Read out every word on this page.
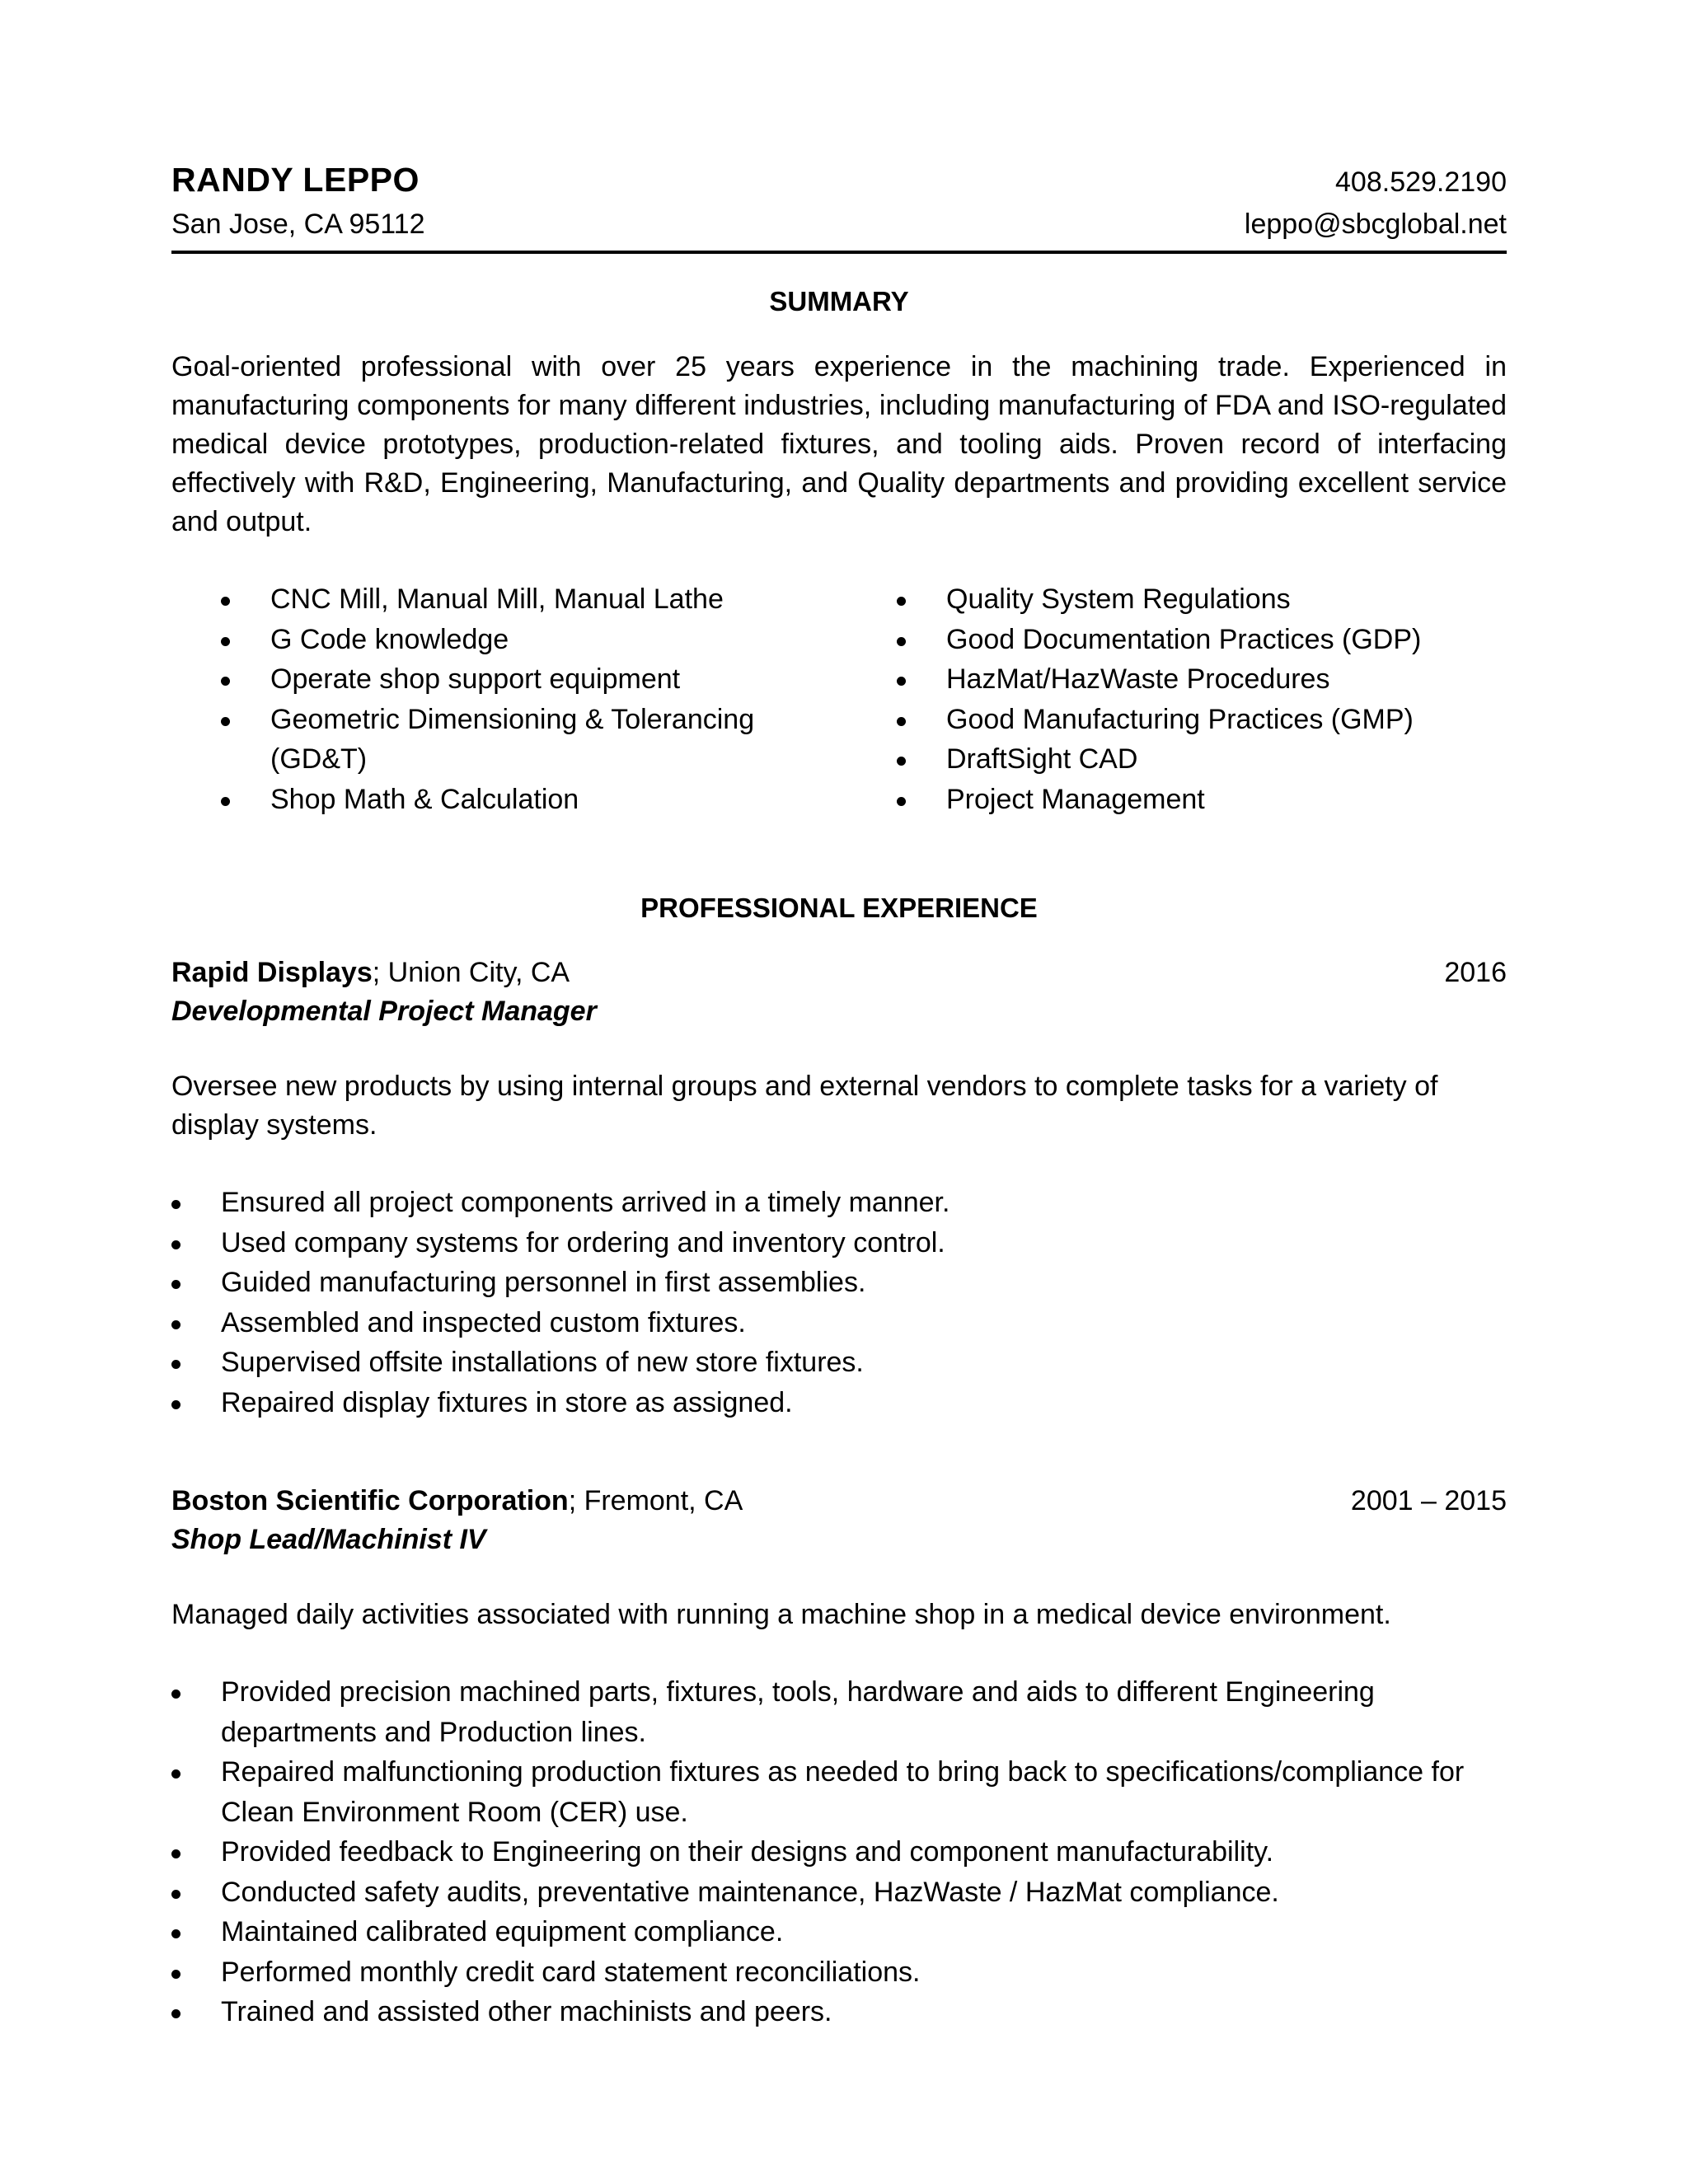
RANDY LEPPO	408.529.2190
San Jose, CA 95112	leppo@sbcglobal.net
SUMMARY
Goal-oriented professional with over 25 years experience in the machining trade. Experienced in manufacturing components for many different industries, including manufacturing of FDA and ISO-regulated medical device prototypes, production-related fixtures, and tooling aids. Proven record of interfacing effectively with R&D, Engineering, Manufacturing, and Quality departments and providing excellent service and output.
CNC Mill, Manual Mill, Manual Lathe
G Code knowledge
Operate shop support equipment
Geometric Dimensioning & Tolerancing (GD&T)
Shop Math & Calculation
Quality System Regulations
Good Documentation Practices (GDP)
HazMat/HazWaste Procedures
Good Manufacturing Practices (GMP)
DraftSight CAD
Project Management
PROFESSIONAL EXPERIENCE
Rapid Displays; Union City, CA	2016
Developmental Project Manager
Oversee new products by using internal groups and external vendors to complete tasks for a variety of display systems.
Ensured all project components arrived in a timely manner.
Used company systems for ordering and inventory control.
Guided manufacturing personnel in first assemblies.
Assembled and inspected custom fixtures.
Supervised offsite installations of new store fixtures.
Repaired display fixtures in store as assigned.
Boston Scientific Corporation; Fremont, CA	2001 – 2015
Shop Lead/Machinist IV
Managed daily activities associated with running a machine shop in a medical device environment.
Provided precision machined parts, fixtures, tools, hardware and aids to different Engineering departments and Production lines.
Repaired malfunctioning production fixtures as needed to bring back to specifications/compliance for Clean Environment Room (CER) use.
Provided feedback to Engineering on their designs and component manufacturability.
Conducted safety audits, preventative maintenance, HazWaste / HazMat compliance.
Maintained calibrated equipment compliance.
Performed monthly credit card statement reconciliations.
Trained and assisted other machinists and peers.
